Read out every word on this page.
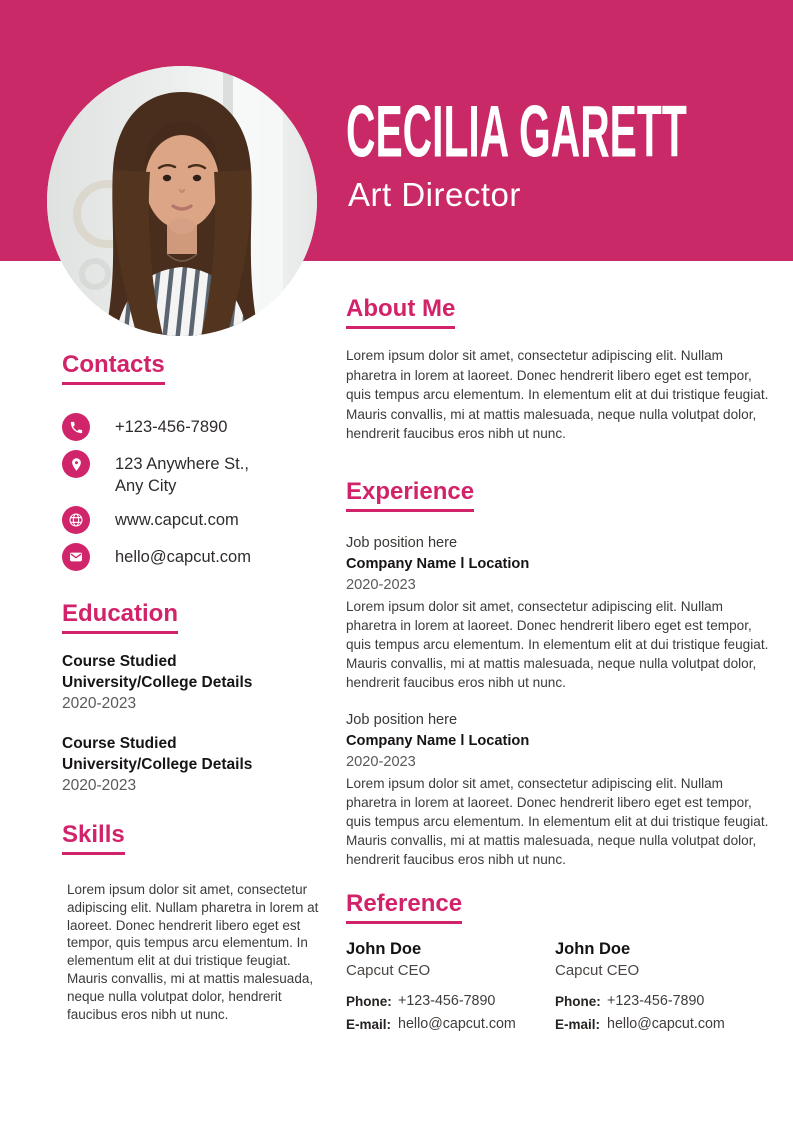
CECILIA GARETT
Art Director
Contacts
+123-456-7890
123 Anywhere St.,
Any City
www.capcut.com
hello@capcut.com
Education
Course Studied
University/College Details
2020-2023
Course Studied
University/College Details
2020-2023
Skills

Lorem ipsum dolor sit amet, consectetur adipiscing elit. Nullam pharetra in lorem at laoreet. Donec hendrerit libero eget est tempor, quis tempus arcu elementum. In elementum elit at dui tristique feugiat. Mauris convallis, mi at mattis malesuada, neque nulla volutpat dolor, hendrerit faucibus eros nibh ut nunc.

About Me

Lorem ipsum dolor sit amet, consectetur adipiscing elit. Nullam pharetra in lorem at laoreet. Donec hendrerit libero eget est tempor, quis tempus arcu elementum. In elementum elit at dui tristique feugiat. Mauris convallis, mi at mattis malesuada, neque nulla volutpat dolor, hendrerit faucibus eros nibh ut nunc.

Experience
Job position here
Company Name l Location
2020-2023

Lorem ipsum dolor sit amet, consectetur adipiscing elit. Nullam pharetra in lorem at laoreet. Donec hendrerit libero eget est tempor, quis tempus arcu elementum. In elementum elit at dui tristique feugiat. Mauris convallis, mi at mattis malesuada, neque nulla volutpat dolor, hendrerit faucibus eros nibh ut nunc.

Job position here
Company Name l Location
2020-2023

Lorem ipsum dolor sit amet, consectetur adipiscing elit. Nullam pharetra in lorem at laoreet. Donec hendrerit libero eget est tempor, quis tempus arcu elementum. In elementum elit at dui tristique feugiat. Mauris convallis, mi at mattis malesuada, neque nulla volutpat dolor, hendrerit faucibus eros nibh ut nunc.

Reference
John Doe
Capcut CEO
Phone: +123-456-7890
E-mail: hello@capcut.com
John Doe
Capcut CEO
Phone: +123-456-7890
E-mail: hello@capcut.com
